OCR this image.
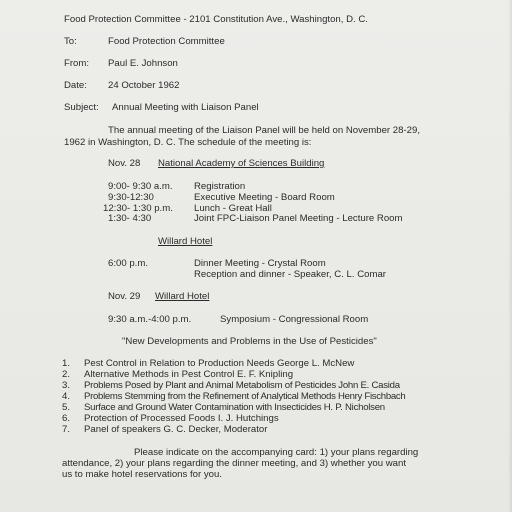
Food Protection Committee - 2101 Constitution Ave., Washington, D. C.
To:	Food Protection Committee
From: Paul E. Johnson
Date: 24 October 1962
Subject: Annual Meeting with Liaison Panel
The annual meeting of the Liaison Panel will be held on November 28-29,
1962 in Washington, D. C. The schedule of the meeting is:
Nov. 28 National Academy of Sciences Building
9:00- 9:30 a.m. Registration
9:30-12:30	Executive Meeting - Board Room
12:30- 1:30 p.m. Lunch - Great Hall
1:30- 4:30	Joint FPC-Liaison Panel Meeting - Lecture Room
Willard Hotel
6:00 p.m.	Dinner Meeting - Crystal Room
Reception and dinner - Speaker, C. L. Comar
Nov. 29 Willard Hotel
9:30 a.m.-4:00 p.m.	Symposium - Congressional Room
"New Developments and Problems in the Use of Pesticides"
1. Pest Control in Relation to Production Needs George L. McNew
2. Alternative Methods in Pest Control E. F. Knipling
3. Problems Posed by Plant and Animal Metabolism of Pesticides John E. Casida
4. Problems Stemming from the Refinement of Analytical Methods Henry Fischbach
5. Surface and Ground Water Contamination with Insecticides H. P. Nicholsen
6. Protection of Processed Foods I. J. Hutchings
7. Panel of speakers G. C. Decker, Moderator
Please indicate on the accompanying card: 1) your plans regarding
attendance, 2) your plans regarding the dinner meeting, and 3) whether you want
us to make hotel reservations for you.
